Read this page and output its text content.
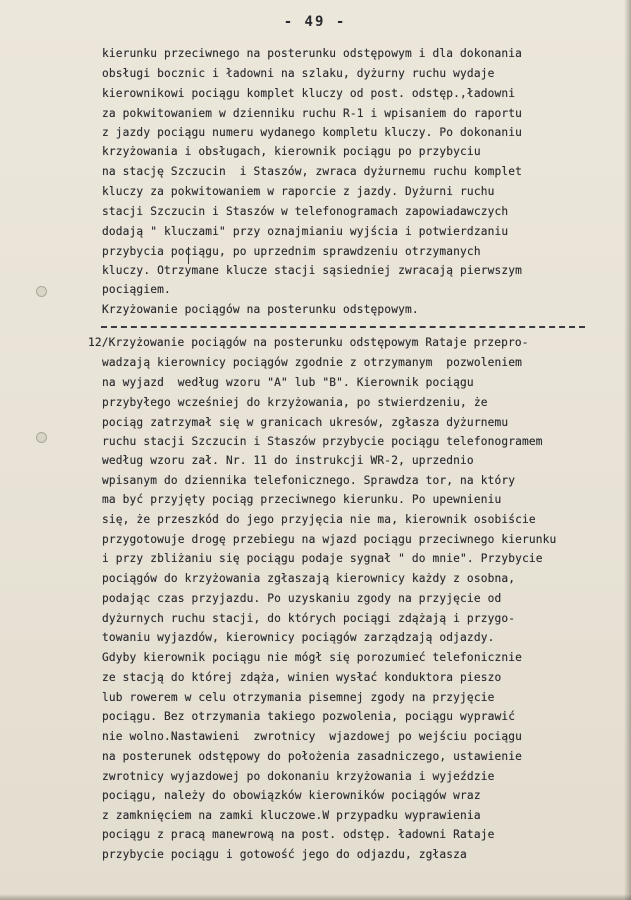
- 49 -
kierunku przeciwnego na posterunku odstępowym i dla dokonania
obsługi bocznic i ładowni na szlaku, dyżurny ruchu wydaje
kierownikowi pociągu komplet kluczy od post. odstęp.,ładowni
za pokwitowaniem w dzienniku ruchu R-1 i wpisaniem do raportu
z jazdy pociągu numeru wydanego kompletu kluczy. Po dokonaniu
krzyżowania i obsługach, kierownik pociągu po przybyciu
na stację Szczucin  i Staszów, zwraca dyżurnemu ruchu komplet
kluczy za pokwitowaniem w raporcie z jazdy. Dyżurni ruchu
stacji Szczucin i Staszów w telefonogramach zapowiadawczych
dodają " kluczami" przy oznajmianiu wyjścia i potwierdzaniu
przybycia pociągu, po uprzednim sprawdzeniu otrzymanych
kluczy. Otrzymane klucze stacji sąsiedniej zwracają pierwszym
pociągiem.
Krzyżowanie pociągów na posterunku odstępowym.
12/Krzyżowanie pociągów na posterunku odstępowym Rataje przepro-
wadzają kierownicy pociągów zgodnie z otrzymanym  pozwoleniem
na wyjazd  według wzoru "A" lub "B". Kierownik pociągu
przybyłego wcześniej do krzyżowania, po stwierdzeniu, że
pociąg zatrzymał się w granicach ukresów, zgłasza dyżurnemu
ruchu stacji Szczucin i Staszów przybycie pociągu telefonogramem
według wzoru zał. Nr. 11 do instrukcji WR-2, uprzednio
wpisanym do dziennika telefonicznego. Sprawdza tor, na który
ma być przyjęty pociąg przeciwnego kierunku. Po upewnieniu
się, że przeszkód do jego przyjęcia nie ma, kierownik osobiście
przygotowuje drogę przebiegu na wjazd pociągu przeciwnego kierunku
i przy zbliżaniu się pociągu podaje sygnał " do mnie". Przybycie
pociągów do krzyżowania zgłaszają kierownicy każdy z osobna,
podając czas przyjazdu. Po uzyskaniu zgody na przyjęcie od
dyżurnych ruchu stacji, do których pociągi zdążają i przygo-
towaniu wyjazdów, kierownicy pociągów zarządzają odjazdy.
Gdyby kierownik pociągu nie mógł się porozumieć telefonicznie
ze stacją do której zdąża, winien wysłać konduktora pieszo
lub rowerem w celu otrzymania pisemnej zgody na przyjęcie
pociągu. Bez otrzymania takiego pozwolenia, pociągu wyprawić
nie wolno.Nastawieni  zwrotnicy  wjazdowej po wejściu pociągu
na posterunek odstępowy do położenia zasadniczego, ustawienie
zwrotnicy wyjazdowej po dokonaniu krzyżowania i wyjeździe
pociągu, należy do obowiązków kierowników pociągów wraz
z zamknięciem na zamki kluczowe.W przypadku wyprawienia
pociągu z pracą manewrową na post. odstęp. ładowni Rataje
przybycie pociągu i gotowość jego do odjazdu, zgłasza
